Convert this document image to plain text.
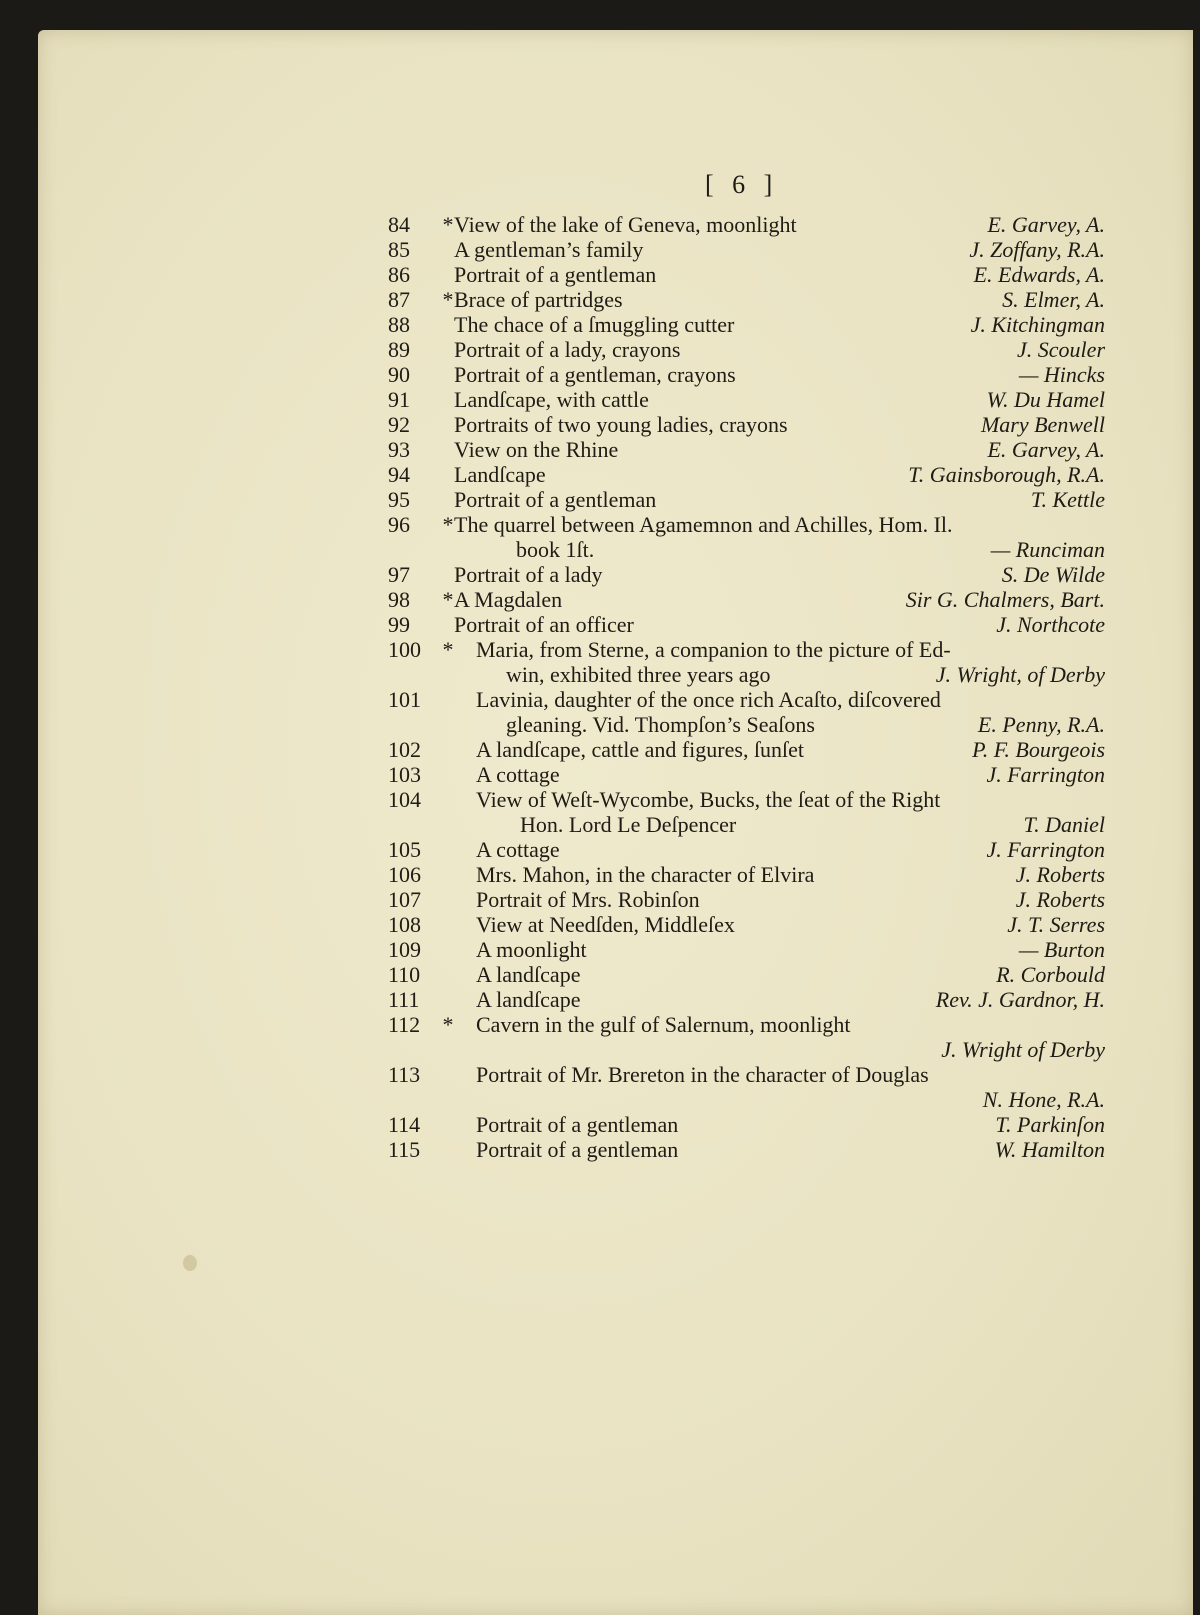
[ 6 ]
84	* View of the lake of Geneva, moonlight	E. Garvey, A.
85	A gentleman’s family	J. Zoffany, R.A.
86	Portrait of a gentleman	E. Edwards, A.
87	* Brace of partridges	S. Elmer, A.
88	The chace of a ſmuggling cutter	J. Kitchingman
89	Portrait of a lady, crayons	J. Scouler
90	Portrait of a gentleman, crayons	— Hincks
91	Landſcape, with cattle	W. Du Hamel
92	Portraits of two young ladies, crayons	Mary Benwell
93	View on the Rhine	E. Garvey, A.
94	Landſcape	T. Gainsborough, R.A.
95	Portrait of a gentleman	T. Kettle
96	* The quarrel between Agamemnon and Achilles, Hom. Il.
book 1ſt.	— Runciman
97	Portrait of a lady	S. De Wilde
98	* A Magdalen	Sir G. Chalmers, Bart.
99	Portrait of an officer	J. Northcote
100 * Maria, from Sterne, a companion to the picture of Ed-
win, exhibited three years ago	J. Wright, of Derby
101	Lavinia, daughter of the once rich Acaſto, diſcovered
gleaning. Vid. Thompſon’s Seaſons	E. Penny, R.A.
102	A landſcape, cattle and figures, ſunſet	P. F. Bourgeois
103	A cottage	J. Farrington
104	View of Weſt-Wycombe, Bucks, the ſeat of the Right
Hon. Lord Le Deſpencer	T. Daniel
105	A cottage	J. Farrington
106	Mrs. Mahon, in the character of Elvira	J. Roberts
107	Portrait of Mrs. Robinſon	J. Roberts
108	View at Needſden, Middleſex	J. T. Serres
109	A moonlight	— Burton
110	A landſcape	R. Corbould
111	A landſcape	Rev. J. Gardnor, H.
112	* Cavern in the gulf of Salernum, moonlight
J. Wright of Derby
113	Portrait of Mr. Brereton in the character of Douglas
N. Hone, R.A.
114	Portrait of a gentleman	T. Parkinſon
115	Portrait of a gentleman	W. Hamilton
